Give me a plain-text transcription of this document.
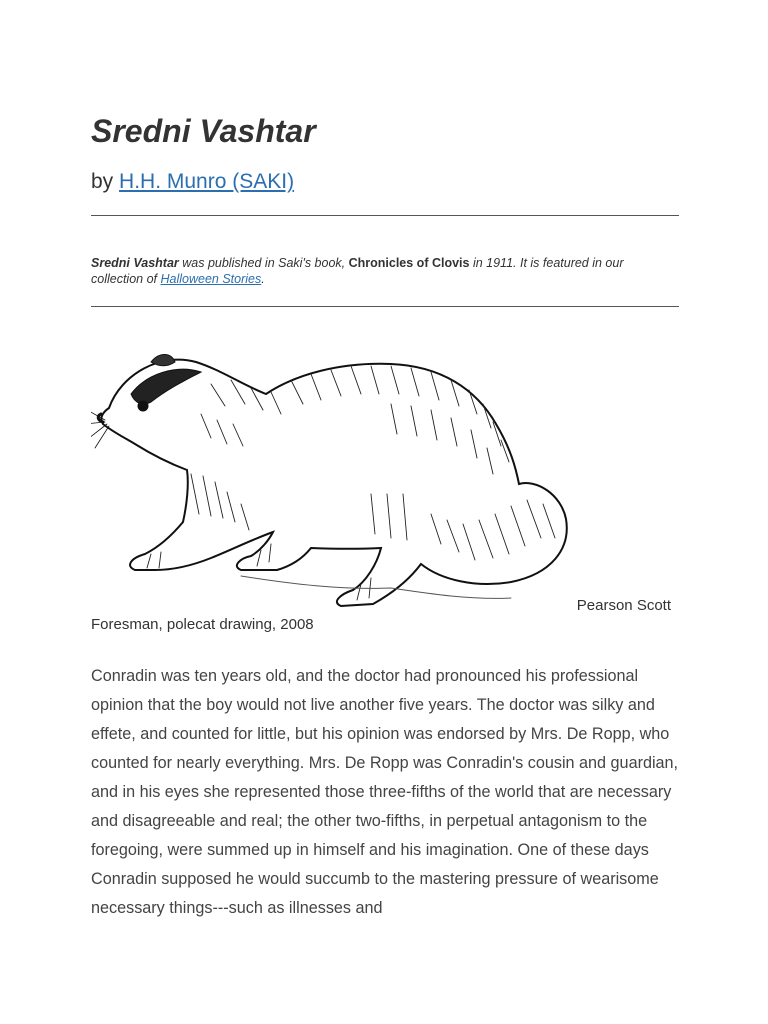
Sredni Vashtar

by H.H. Munro (SAKI)

Sredni Vashtar was published in Saki's book, Chronicles of Clovis in 1911. It is featured in our collection of Halloween Stories.

Pearson Scott

Foresman, polecat drawing, 2008

Conradin was ten years old, and the doctor had pronounced his professional opinion that the boy would not live another five years. The doctor was silky and effete, and counted for little, but his opinion was endorsed by Mrs. De Ropp, who counted for nearly everything. Mrs. De Ropp was Conradin's cousin and guardian, and in his eyes she represented those three-fifths of the world that are necessary and disagreeable and real; the other two-fifths, in perpetual antagonism to the foregoing, were summed up in himself and his imagination. One of these days Conradin supposed he would succumb to the mastering pressure of wearisome necessary things---such as illnesses and
